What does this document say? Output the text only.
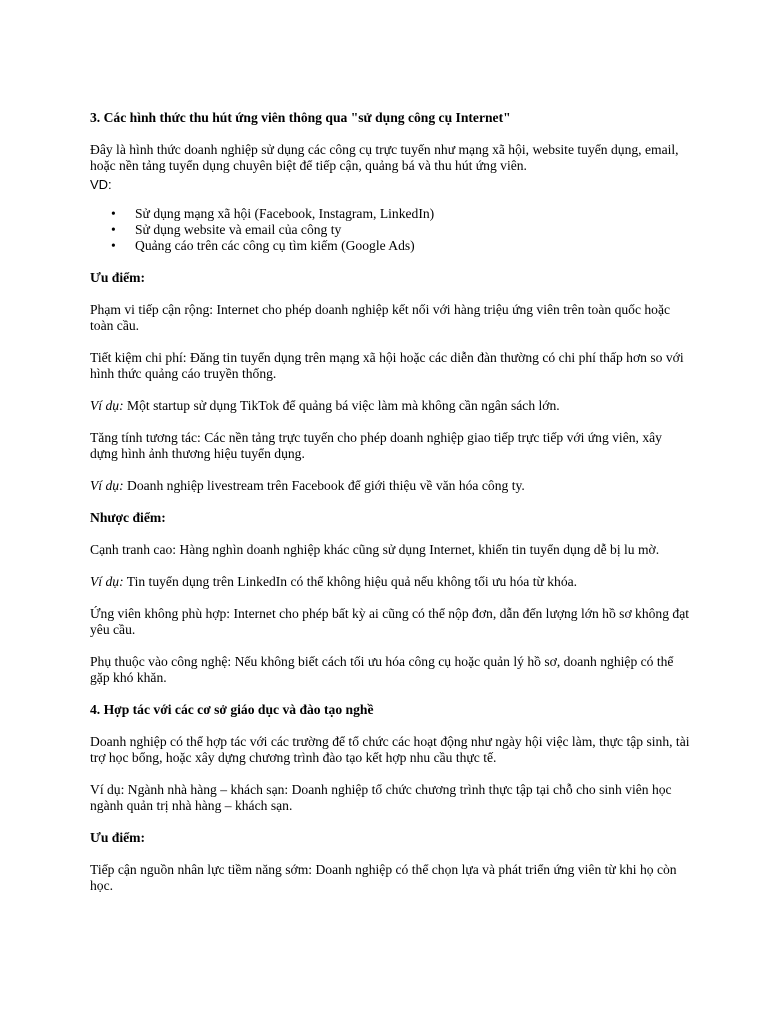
3. Các hình thức thu hút ứng viên thông qua "sử dụng công cụ Internet"

Đây là hình thức doanh nghiệp sử dụng các công cụ trực tuyến như mạng xã hội, website tuyển dụng, email, hoặc nền tảng tuyển dụng chuyên biệt để tiếp cận, quảng bá và thu hút ứng viên.

VD:

• Sử dụng mạng xã hội (Facebook, Instagram, LinkedIn)
• Sử dụng website và email của công ty
• Quảng cáo trên các công cụ tìm kiếm (Google Ads)

Ưu điểm:

Phạm vi tiếp cận rộng: Internet cho phép doanh nghiệp kết nối với hàng triệu ứng viên trên toàn quốc hoặc toàn cầu.

Tiết kiệm chi phí: Đăng tin tuyển dụng trên mạng xã hội hoặc các diễn đàn thường có chi phí thấp hơn so với hình thức quảng cáo truyền thống.

Ví dụ: Một startup sử dụng TikTok để quảng bá việc làm mà không cần ngân sách lớn.

Tăng tính tương tác: Các nền tảng trực tuyến cho phép doanh nghiệp giao tiếp trực tiếp với ứng viên, xây dựng hình ảnh thương hiệu tuyển dụng.

Ví dụ: Doanh nghiệp livestream trên Facebook để giới thiệu về văn hóa công ty.

Nhược điểm:

Cạnh tranh cao: Hàng nghìn doanh nghiệp khác cũng sử dụng Internet, khiến tin tuyển dụng dễ bị lu mờ.

Ví dụ: Tin tuyển dụng trên LinkedIn có thể không hiệu quả nếu không tối ưu hóa từ khóa.

Ứng viên không phù hợp: Internet cho phép bất kỳ ai cũng có thể nộp đơn, dẫn đến lượng lớn hồ sơ không đạt yêu cầu.

Phụ thuộc vào công nghệ: Nếu không biết cách tối ưu hóa công cụ hoặc quản lý hồ sơ, doanh nghiệp có thể gặp khó khăn.

4. Hợp tác với các cơ sở giáo dục và đào tạo nghề

Doanh nghiệp có thể hợp tác với các trường để tổ chức các hoạt động như ngày hội việc làm, thực tập sinh, tài trợ học bổng, hoặc xây dựng chương trình đào tạo kết hợp nhu cầu thực tế.

Ví dụ: Ngành nhà hàng – khách sạn: Doanh nghiệp tổ chức chương trình thực tập tại chỗ cho sinh viên học ngành quản trị nhà hàng – khách sạn.

Ưu điểm:

Tiếp cận nguồn nhân lực tiềm năng sớm: Doanh nghiệp có thể chọn lựa và phát triển ứng viên từ khi họ còn học.
